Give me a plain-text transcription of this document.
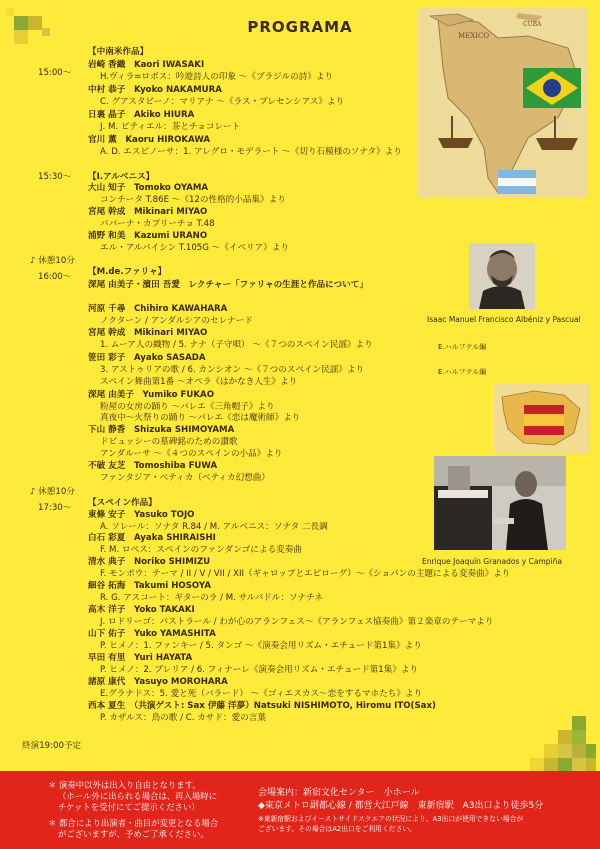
PROGRAMA	MEXICO
CUBA
Isaac Manuel Francisco Albéniz y Pascual
Enrique Joaquín Granados y Campiña
15:00～
15:30～
16:00～
17:30～
♪ 休憩10分
♪ 休憩10分
【中南米作品】
【I.アルベニス】
【M.de.ファリャ】
【スペイン作品】
岩崎 香織　Kaori IWASAKI
中村 恭子　Kyoko NAKAMURA
日裏 晶子　Akiko HIURA
官川 薫　Kaoru HIROKAWA
大山 知子　Tomoko OYAMA
宮尾 幹成　Mikinari MIYAO
浦野 和美　Kazumi URANO
河原 千尋　Chihiro KAWAHARA
宮尾 幹成　Mikinari MIYAO
笹田 彩子　Ayako SASADA
深尾 由美子　Yumiko FUKAO
下山 静香　Shizuka SHIMOYAMA
不破 友芝　Tomoshiba FUWA
東條 安子　Yasuko TOJO
白石 彩夏　Ayaka SHIRAISHI
清水 典子　Noriko SHIMIZU
細谷 拓海　Takumi HOSOYA
高木 洋子　Yoko TAKAKI
山下 佑子　Yuko YAMASHITA
早田 有里　Yuri HAYATA
諸原 康代　Yasuyo MOROHARA
西本 夏生　（共演ゲスト: Sax 伊藤 洋夢）Natsuki NISHIMOTO, Hiromu ITO(Sax)
H.ヴィラ=ロボス：吟遊詩人の印象 ～《ブラジルの詩》より
C. グアスタビーノ：マリアナ ～《ラス・プレセンシアス》より
J. M. ビティエル：茶とチョコレート
A. D. エスピノーサ：1. アレグロ・モデラート ～《切り石模様のソナタ》より
コンチータ T.86E ～《12の性格的小品集》より
ババーナ・カプリーチョ T.48
エル・アルバイシン T.105G ～《イベリア》より
ノクターン / アンダルシアのセレナード
1. ムーア人の織物 / 5. ナナ（子守唄） ～《７つのスペイン民謡》より
3. アストゥリアの歌 / 6. カンシオン ～《７つのスペイン民謡》より
スペイン舞曲第1番 ～オペラ《はかなき人生》より
粉屋の女房の踊り ～バレエ《三角帽子》より
真夜中～火祭りの踊り ～バレエ《恋は魔術師》より
ドビュッシーの墓碑銘のための讃歌
アンダルーサ ～《４つのスペインの小品》より
ファンタジア・ベティカ（ベティカ幻想曲）
A. ソレール：ソナタ R.84 / M. アルベニス：ソナタ 二長調
F. M. ロペス：スペインのファンダンゴによる変奏曲
F. モンポウ：テーマ / II / V / VII / XII（ギャロップとエピローグ）～《ショパンの主題による変奏曲》より
R. G. アスコート：ギターのラ / M. サルバドル：ソナチネ
J. ロドリーゴ：パストラール / わが心のアランフェス～《アランフェス協奏曲》第２楽章のテーマより
P. ヒメノ：1. ファンキー / 5. タンゴ ～《演奏会用リズム・エチュード第1集》より
P. ヒメノ：2. ブレリア / 6. フィナーレ《演奏会用リズム・エチュード第1集》より
E.グラナドス：5. 愛と死（バラード） ～《ゴィエスカス～恋をするマホたち》より
P. カザルス：鳥の歌 / C. カサド：愛の言葉
E.ハルフテル編
E.ハルフテル編
深尾 由美子・濱田 吾愛　レクチャー「ファリャの生涯と作品について」
終演19:00予定
＊ 演奏中以外は出入り自由となります。
（ホール外に出られる場合は、再入場時に
チケットを受付にてご提示ください）
＊ 都合により出演者・曲目が変更となる場合
がございますが、予めご了承ください。
会場案内：新宿文化センター　小ホール
◆東京メトロ副都心線 / 都営大江戸線　東新宿駅　A3出口より徒歩5分
※東新宿駅およびイーストサイドスクエアの状況により、A3出口が使用できない場合が
ございます。その場合はA2出口をご利用ください。
